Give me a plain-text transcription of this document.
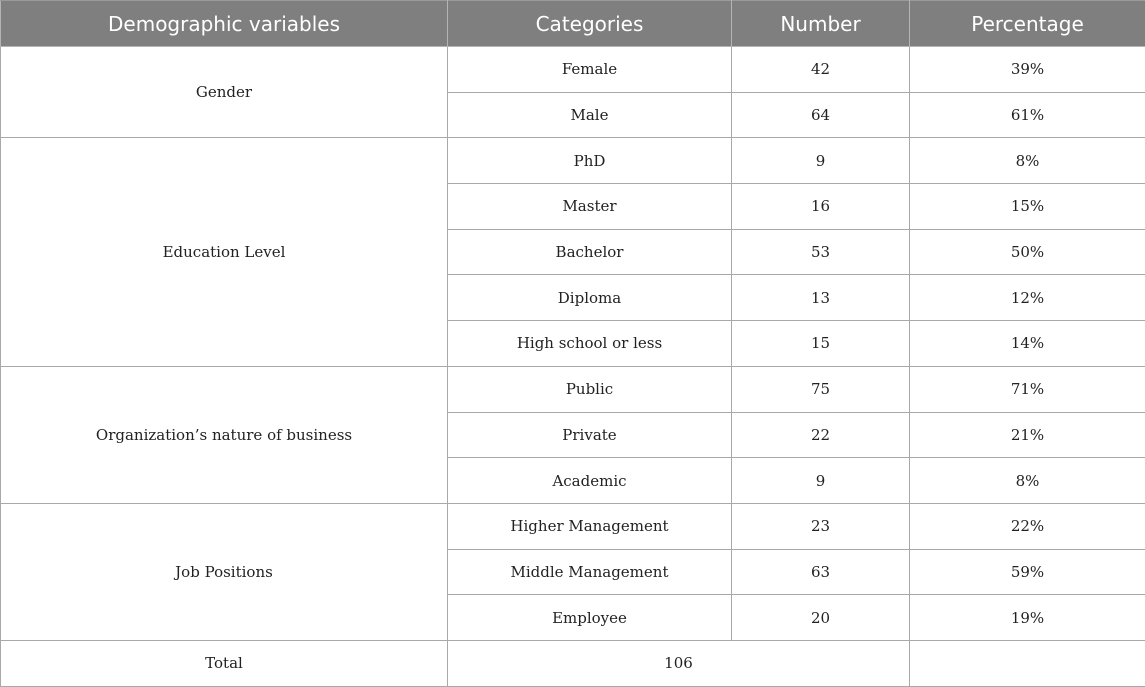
Demographic variables	Categories	Number	Percentage
Gender	Female	42	39%
	Male	64	61%
Education Level	PhD	9	8%
	Master	16	15%
	Bachelor	53	50%
	Diploma	13	12%
	High school or less	15	14%
Organization’s nature of business	Public	75	71%
	Private	22	21%
	Academic	9	8%
Job Positions	Higher Management	23	22%
	Middle Management	63	59%
	Employee	20	19%
Total	106		
